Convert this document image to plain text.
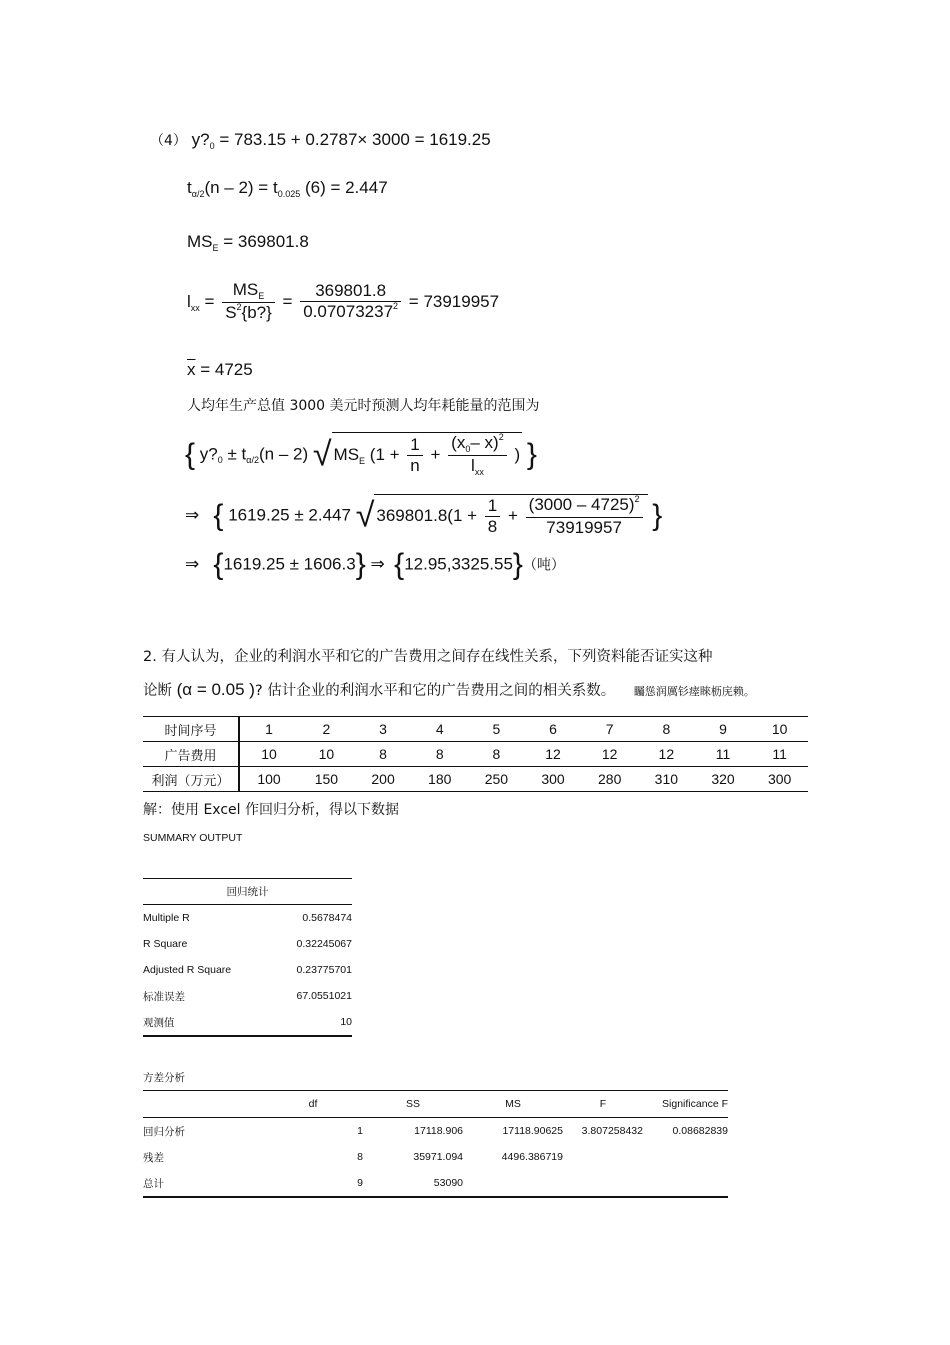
（4） $y?_0 = 783.15 + 0.2787\times 3000 = 1619.25$
$t_{\alpha/2}(n - 2) = t_{0.025}$ (6) = 2.447
$MS_E = 369801.8$
$l_{xx} = \frac{MS_E}{S^2\{b?\}} = \frac{369801.8}{0.07073237^2} = 73919957$
$\overline{x} = 4725$
人均年生产总值 3000 美元时预测人均年耗能量的范围为
{ $y?_0 \pm t_{\alpha/2}(n - 2)$ √ $MS_E$ ($1 + \frac{1}{n} + \frac{(x_0- x)^2}{l_{xx}}$ ) }
⇒ { 1619.25 ± 2.447 √ $369801.8(1 + \frac{1}{8} + \frac{(3000 - 4725)^2}{73919957}$ }
⇒ {1619.25 ± 1606.3} ⇒ {12.95,3325.55}（吨）
2. 有人认为，企业的利润水平和它的广告费用之间存在线性关系，下列资料能否证实这种
论断 (α = 0.05 )? 估计企业的利润水平和它的广告费用之间的相关系数。 矚慫润厲钐瘗睞枥庑赖。
时间序号	1	2	3	4	5	6	7	8	9	10
广告费用	10	10	8	8	8	12	12	12	11	11
利润（万元）	100	150	200	180	250	300	280	310	320	300
解：使用 Excel 作回归分析，得以下数据
SUMMARY OUTPUT
回归统计	
Multiple R	0.5678474
R Square	0.32245067
Adjusted R Square	0.23775701
标准误差	67.0551021
观测值	10
方差分析
	df	SS	MS	F	Significance F
回归分析	1	17118.906	17118.90625	3.807258432	0.08682839
残差	8	35971.094	4496.386719		
总计	9	53090			
